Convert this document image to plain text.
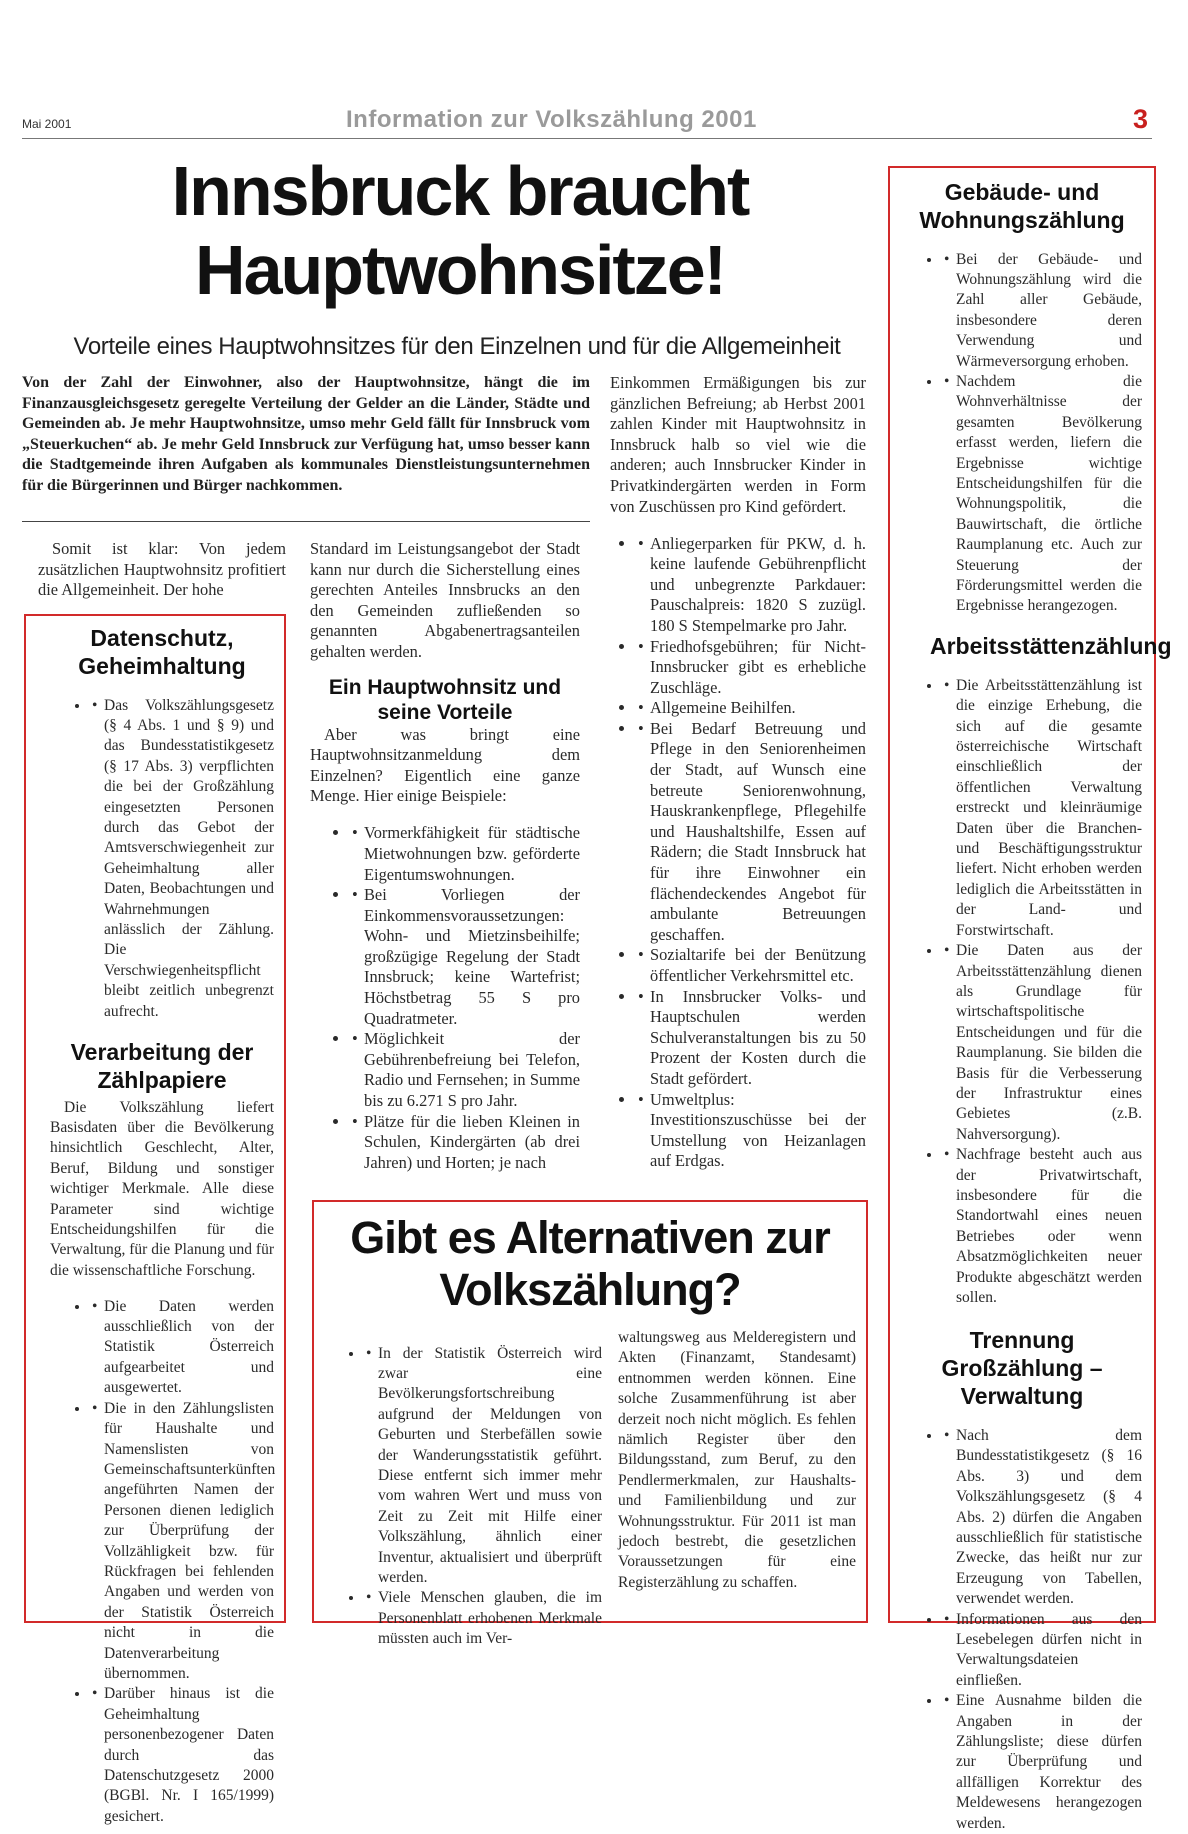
Mai 2001	Information zur Volkszählung 2001	3
Innsbruck braucht
Hauptwohnsitze!
Vorteile eines Hauptwohnsitzes für den Einzelnen und für die Allgemeinheit
Von der Zahl der Einwohner, also der Hauptwohnsitze, hängt die im Finanzausgleichsgesetz geregelte Verteilung der Gelder an die Länder, Städte und Gemeinden ab. Je mehr Hauptwohnsitze, umso mehr Geld fällt für Innsbruck vom „Steuerkuchen“ ab. Je mehr Geld Innsbruck zur Verfügung hat, umso besser kann die Stadtgemeinde ihren Aufgaben als kommunales Dienstleistungsunternehmen für die Bürgerinnen und Bürger nachkommen.
Somit ist klar: Von jedem zusätzlichen Hauptwohnsitz profitiert die Allgemeinheit. Der hohe
Datenschutz, Geheimhaltung
• • Das Volkszählungsgesetz (§ 4 Abs. 1 und § 9) und das Bundesstatistikgesetz (§ 17 Abs. 3) verpflichten die bei der Großzählung eingesetzten Personen durch das Gebot der Amtsverschwiegenheit zur Geheimhaltung aller Daten, Beobachtungen und Wahrnehmungen anlässlich der Zählung. Die Verschwiegenheitspflicht bleibt zeitlich unbegrenzt aufrecht.
Verarbeitung der Zählpapiere
Die Volkszählung liefert Basisdaten über die Bevölkerung hinsichtlich Geschlecht, Alter, Beruf, Bildung und sonstiger wichtiger Merkmale. Alle diese Parameter sind wichtige Entscheidungshilfen für die Verwaltung, für die Planung und für die wissenschaftliche Forschung.
• • Die Daten werden ausschließlich von der Statistik Österreich aufgearbeitet und ausgewertet.
• • Die in den Zählungslisten für Haushalte und Namenslisten von Gemeinschaftsunterkünften angeführten Namen der Personen dienen lediglich zur Überprüfung der Vollzähligkeit bzw. für Rückfragen bei fehlenden Angaben und werden von der Statistik Österreich nicht in die Datenverarbeitung übernommen.
• • Darüber hinaus ist die Geheimhaltung personenbezogener Daten durch das Datenschutzgesetz 2000 (BGBl. Nr. I 165/1999) gesichert.
Standard im Leistungsangebot der Stadt kann nur durch die Sicherstellung eines gerechten Anteiles Innsbrucks an den den Gemeinden zufließenden so genannten Abgabenertragsanteilen gehalten werden.
Ein Hauptwohnsitz und seine Vorteile
Aber was bringt eine Hauptwohnsitzanmeldung dem Einzelnen? Eigentlich eine ganze Menge. Hier einige Beispiele:
• • Vormerkfähigkeit für städtische Mietwohnungen bzw. geförderte Eigentumswohnungen.
• • Bei Vorliegen der Einkommensvoraussetzungen: Wohn- und Mietzinsbeihilfe; großzügige Regelung der Stadt Innsbruck; keine Wartefrist; Höchstbetrag 55 S pro Quadratmeter.
• • Möglichkeit der Gebührenbefreiung bei Telefon, Radio und Fernsehen; in Summe bis zu 6.271 S pro Jahr.
• • Plätze für die lieben Kleinen in Schulen, Kindergärten (ab drei Jahren) und Horten; je nach
Einkommen Ermäßigungen bis zur gänzlichen Befreiung; ab Herbst 2001 zahlen Kinder mit Hauptwohnsitz in Innsbruck halb so viel wie die anderen; auch Innsbrucker Kinder in Privatkindergärten werden in Form von Zuschüssen pro Kind gefördert.
• • Anliegerparken für PKW, d. h. keine laufende Gebührenpflicht und unbegrenzte Parkdauer: Pauschalpreis: 1820 S zuzügl. 180 S Stempelmarke pro Jahr.
• • Friedhofsgebühren; für Nicht-Innsbrucker gibt es erhebliche Zuschläge.
• • Allgemeine Beihilfen.
• • Bei Bedarf Betreuung und Pflege in den Seniorenheimen der Stadt, auf Wunsch eine betreute Seniorenwohnung, Hauskrankenpflege, Pflegehilfe und Haushaltshilfe, Essen auf Rädern; die Stadt Innsbruck hat für ihre Einwohner ein flächendeckendes Angebot für ambulante Betreuungen geschaffen.
• • Sozialtarife bei der Benützung öffentlicher Verkehrsmittel etc.
• • In Innsbrucker Volks- und Hauptschulen werden Schulveranstaltungen bis zu 50 Prozent der Kosten durch die Stadt gefördert.
• • Umweltplus: Investitionszuschüsse bei der Umstellung von Heizanlagen auf Erdgas.
Gebäude- und Wohnungszählung
• • Bei der Gebäude- und Wohnungszählung wird die Zahl aller Gebäude, insbesondere deren Verwendung und Wärmeversorgung erhoben.
• • Nachdem die Wohnverhältnisse der gesamten Bevölkerung erfasst werden, liefern die Ergebnisse wichtige Entscheidungshilfen für die Wohnungspolitik, die Bauwirtschaft, die örtliche Raumplanung etc. Auch zur Steuerung der Förderungsmittel werden die Ergebnisse herangezogen.
Arbeitsstättenzählung
• • Die Arbeitsstättenzählung ist die einzige Erhebung, die sich auf die gesamte österreichische Wirtschaft einschließlich der öffentlichen Verwaltung erstreckt und kleinräumige Daten über die Branchen- und Beschäftigungsstruktur liefert. Nicht erhoben werden lediglich die Arbeitsstätten in der Land- und Forstwirtschaft.
• • Die Daten aus der Arbeitsstättenzählung dienen als Grundlage für wirtschaftspolitische Entscheidungen und für die Raumplanung. Sie bilden die Basis für die Verbesserung der Infrastruktur eines Gebietes (z.B. Nahversorgung).
• • Nachfrage besteht auch aus der Privatwirtschaft, insbesondere für die Standortwahl eines neuen Betriebes oder wenn Absatzmöglichkeiten neuer Produkte abgeschätzt werden sollen.
Trennung Großzählung – Verwaltung
• • Nach dem Bundesstatistikgesetz (§ 16 Abs. 3) und dem Volkszählungsgesetz (§ 4 Abs. 2) dürfen die Angaben ausschließlich für statistische Zwecke, das heißt nur zur Erzeugung von Tabellen, verwendet werden.
• • Informationen aus den Lesebelegen dürfen nicht in Verwaltungsdateien einfließen.
• • Eine Ausnahme bilden die Angaben in der Zählungsliste; diese dürfen zur Überprüfung und allfälligen Korrektur des Meldewesens herangezogen werden.
Gibt es Alternativen zur
Volkszählung?
• • In der Statistik Österreich wird zwar eine Bevölkerungsfortschreibung aufgrund der Meldungen von Geburten und Sterbefällen sowie der Wanderungsstatistik geführt. Diese entfernt sich immer mehr vom wahren Wert und muss von Zeit zu Zeit mit Hilfe einer Volkszählung, ähnlich einer Inventur, aktualisiert und überprüft werden.
• • Viele Menschen glauben, die im Personenblatt erhobenen Merkmale müssten auch im Ver-
waltungsweg aus Melderegistern und Akten (Finanzamt, Standesamt) entnommen werden können. Eine solche Zusammenführung ist aber derzeit noch nicht möglich. Es fehlen nämlich Register über den Bildungsstand, zum Beruf, zu den Pendlermerkmalen, zur Haushalts- und Familienbildung und zur Wohnungsstruktur. Für 2011 ist man jedoch bestrebt, die gesetzlichen Voraussetzungen für eine Registerzählung zu schaffen.
